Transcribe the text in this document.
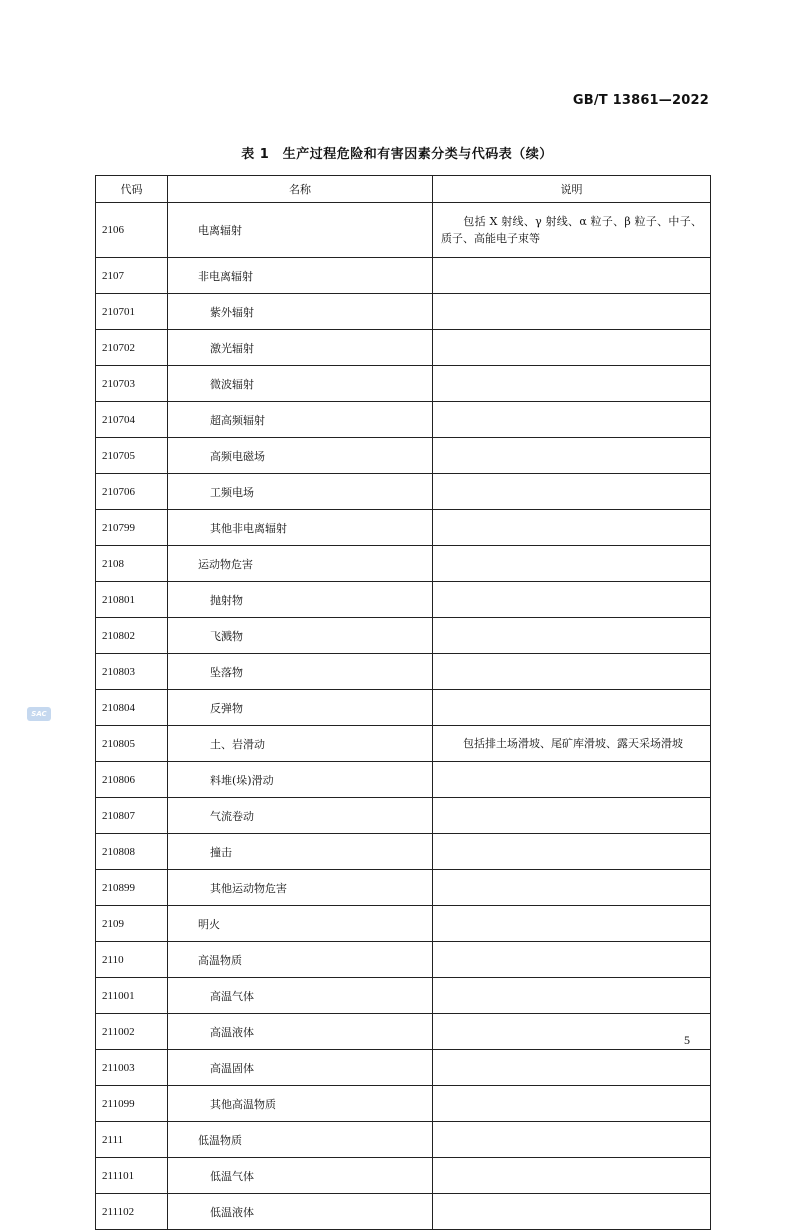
GB/T 13861—2022
表 1　生产过程危险和有害因素分类与代码表（续）
代码	名称	说明
2106	电离辐射	包括 X 射线、γ 射线、α 粒子、β 粒子、中子、质子、高能电子束等
2107	非电离辐射	
210701	紫外辐射	
210702	激光辐射	
210703	微波辐射	
210704	超高频辐射	
210705	高频电磁场	
210706	工频电场	
210799	其他非电离辐射	
2108	运动物危害	
210801	抛射物	
210802	飞溅物	
210803	坠落物	
210804	反弹物	
210805	土、岩滑动	包括排土场滑坡、尾矿库滑坡、露天采场滑坡
210806	料堆(垛)滑动	
210807	气流卷动	
210808	撞击	
210899	其他运动物危害	
2109	明火	
2110	高温物质	
211001	高温气体	
211002	高温液体	
211003	高温固体	
211099	其他高温物质	
2111	低温物质	
211101	低温气体	
211102	低温液体	
SAC
5
